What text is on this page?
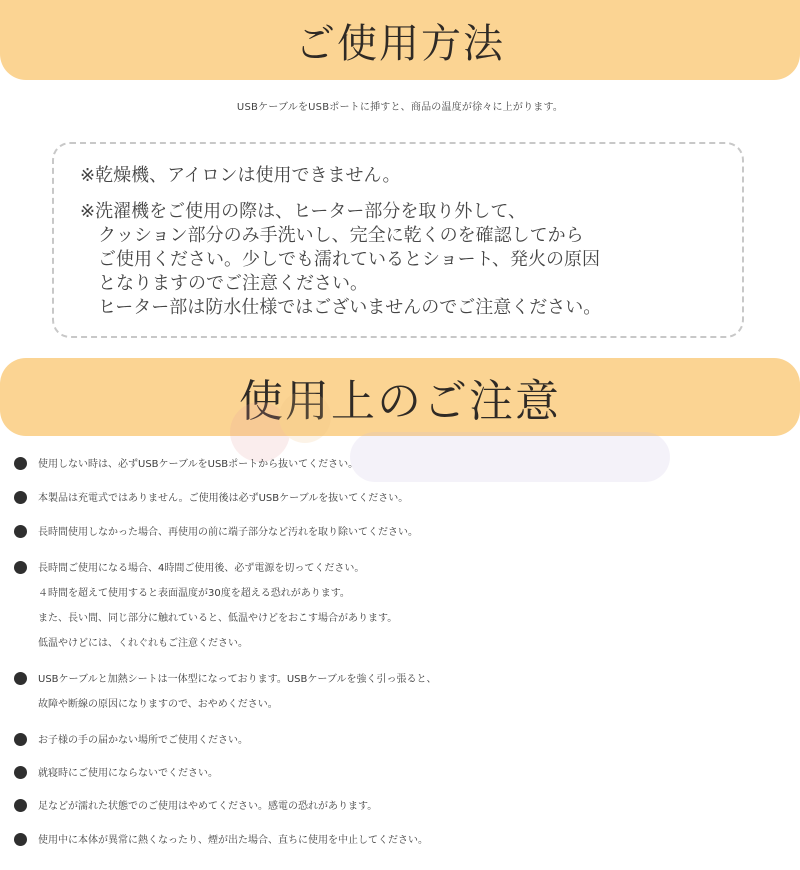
ご使用方法
USBケーブルをUSBポートに挿すと、商品の温度が徐々に上がります。
※乾燥機、アイロンは使用できません。
※洗濯機をご使用の際は、ヒーター部分を取り外して、
　クッション部分のみ手洗いし、完全に乾くのを確認してから
　ご使用ください。少しでも濡れているとショート、発火の原因
　となりますのでご注意ください。
　ヒーター部は防水仕様ではございませんのでご注意ください。
使用上のご注意
使用しない時は、必ずUSBケーブルをUSBポートから抜いてください。
本製品は充電式ではありません。ご使用後は必ずUSBケーブルを抜いてください。
長時間使用しなかった場合、再使用の前に端子部分など汚れを取り除いてください。
長時間ご使用になる場合、4時間ご使用後、必ず電源を切ってください。
４時間を超えて使用すると表面温度が30度を超える恐れがあります。
また、長い間、同じ部分に触れていると、低温やけどをおこす場合があります。
低温やけどには、くれぐれもご注意ください。
USBケーブルと加熱シートは一体型になっております。USBケーブルを強く引っ張ると、
故障や断線の原因になりますので、おやめください。
お子様の手の届かない場所でご使用ください。
就寝時にご使用にならないでください。
足などが濡れた状態でのご使用はやめてください。感電の恐れがあります。
使用中に本体が異常に熱くなったり、煙が出た場合、直ちに使用を中止してください。
